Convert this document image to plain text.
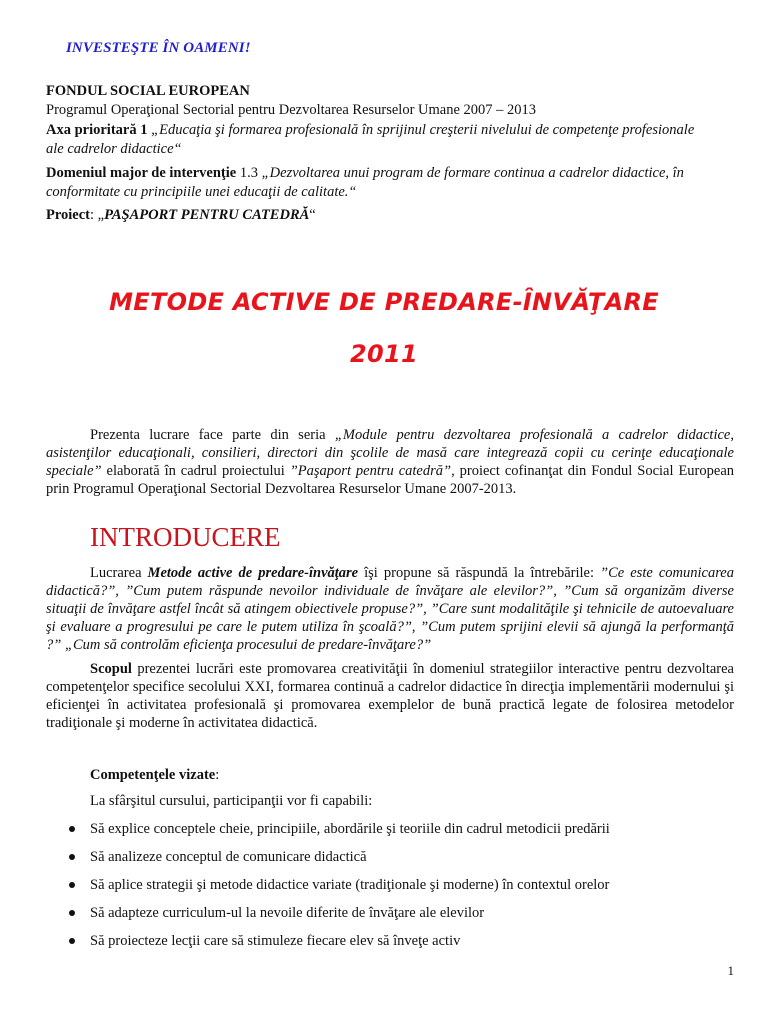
INVESTEŞTE ÎN OAMENI!
FONDUL SOCIAL EUROPEAN
Programul Operaţional Sectorial pentru Dezvoltarea Resurselor Umane 2007 – 2013
Axa prioritară 1 „Educaţia şi formarea profesională în sprijinul creşterii nivelului de competenţe profesionale
ale cadrelor didactice“
Domeniul major de intervenţie 1.3 „Dezvoltarea unui program de formare continua a cadrelor didactice, în
conformitate cu principiile unei educaţii de calitate.“
Proiect: „PAŞAPORT PENTRU CATEDRĂ“
METODE ACTIVE DE PREDARE-ÎNVĂŢARE
2011
Prezenta lucrare face parte din seria „Module pentru dezvoltarea profesională a cadrelor didactice, asistenţilor educaţionali, consilieri, directori din şcolile de masă care integrează copii cu cerinţe educaţionale speciale” elaborată în cadrul proiectului ”Paşaport pentru catedră”, proiect cofinanţat din Fondul Social European prin Programul Operaţional Sectorial Dezvoltarea Resurselor Umane 2007-2013.
INTRODUCERE
Lucrarea Metode active de predare-învăţare îşi propune să răspundă la întrebările: ”Ce este comunicarea didactică?”, ”Cum putem răspunde nevoilor individuale de învăţare ale elevilor?”, ”Cum să organizăm diverse situaţii de învăţare astfel încât să atingem obiectivele propuse?”, ”Care sunt modalităţile şi tehnicile de autoevaluare şi evaluare a progresului pe care le putem utiliza în şcoală?”, ”Cum putem sprijini elevii să ajungă la performanţă ?” „Cum să controlăm eficienţa procesului de predare-învăţare?”
Scopul prezentei lucrări este promovarea creativităţii în domeniul strategiilor interactive pentru dezvoltarea competenţelor specifice secolului XXI, formarea continuă a cadrelor didactice în direcţia implementării modernului şi eficienţei în activitatea profesională şi promovarea exemplelor de bună practică legate de folosirea metodelor tradiţionale şi moderne în activitatea didactică.
Competenţele vizate:
La sfârşitul cursului, participanţii vor fi capabili:
Să explice conceptele cheie, principiile, abordările şi teoriile din cadrul metodicii predării
Să analizeze conceptul de comunicare didactică
Să aplice strategii şi metode didactice variate (tradiţionale şi moderne) în contextul orelor
Să adapteze curriculum-ul la nevoile diferite de învăţare ale elevilor
Să proiecteze lecţii care să stimuleze fiecare elev să înveţe activ
1
